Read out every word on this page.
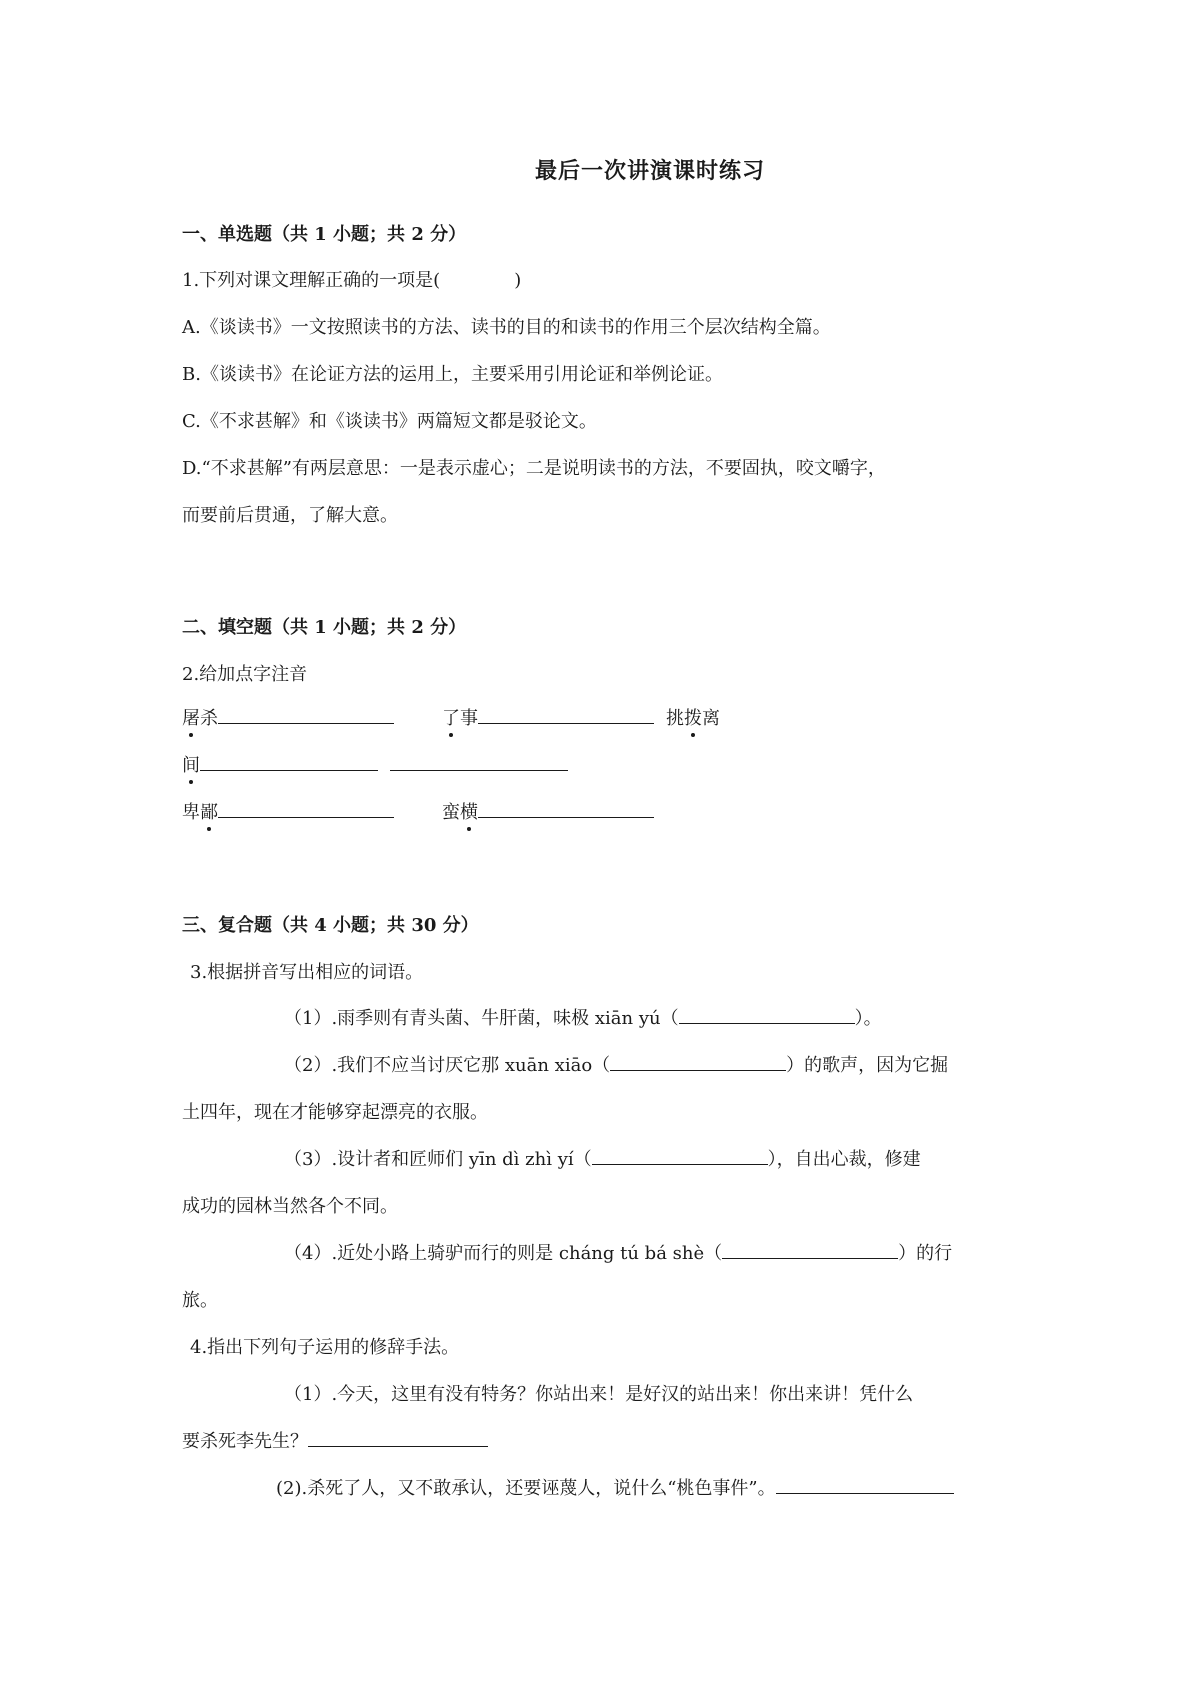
最后一次讲演课时练习
一、单选题（共 1 小题；共 2 分）
1.下列对课文理解正确的一项是(	)
A.《谈读书》一文按照读书的方法、读书的目的和读书的作用三个层次结构全篇。
B.《谈读书》在论证方法的运用上，主要采用引用论证和举例论证。
C.《不求甚解》和《谈读书》两篇短文都是驳论文。
D.“不求甚解”有两层意思：一是表示虚心；二是说明读书的方法，不要固执，咬文嚼字，
而要前后贯通，了解大意。
二、填空题（共 1 小题；共 2 分）
2.给加点字注音
屠杀	了事	挑拨离
间
卑鄙	蛮横
三、复合题（共 4 小题；共 30 分）
3.根据拼音写出相应的词语。
（1）.雨季则有青头菌、牛肝菌，味极 xiān yú（	）。
（2）.我们不应当讨厌它那 xuān xiāo（	）的歌声，因为它掘
土四年，现在才能够穿起漂亮的衣服。
（3）.设计者和匠师们 yīn dì zhì yí（	），自出心裁，修建
成功的园林当然各个不同。
（4）.近处小路上骑驴而行的则是 cháng tú bá shè（	）的行
旅。
4.指出下列句子运用的修辞手法。
（1）.今天，这里有没有特务？你站出来！是好汉的站出来！你出来讲！凭什么
要杀死李先生？
(2).杀死了人，又不敢承认，还要诬蔑人，说什么“桃色事件”。
